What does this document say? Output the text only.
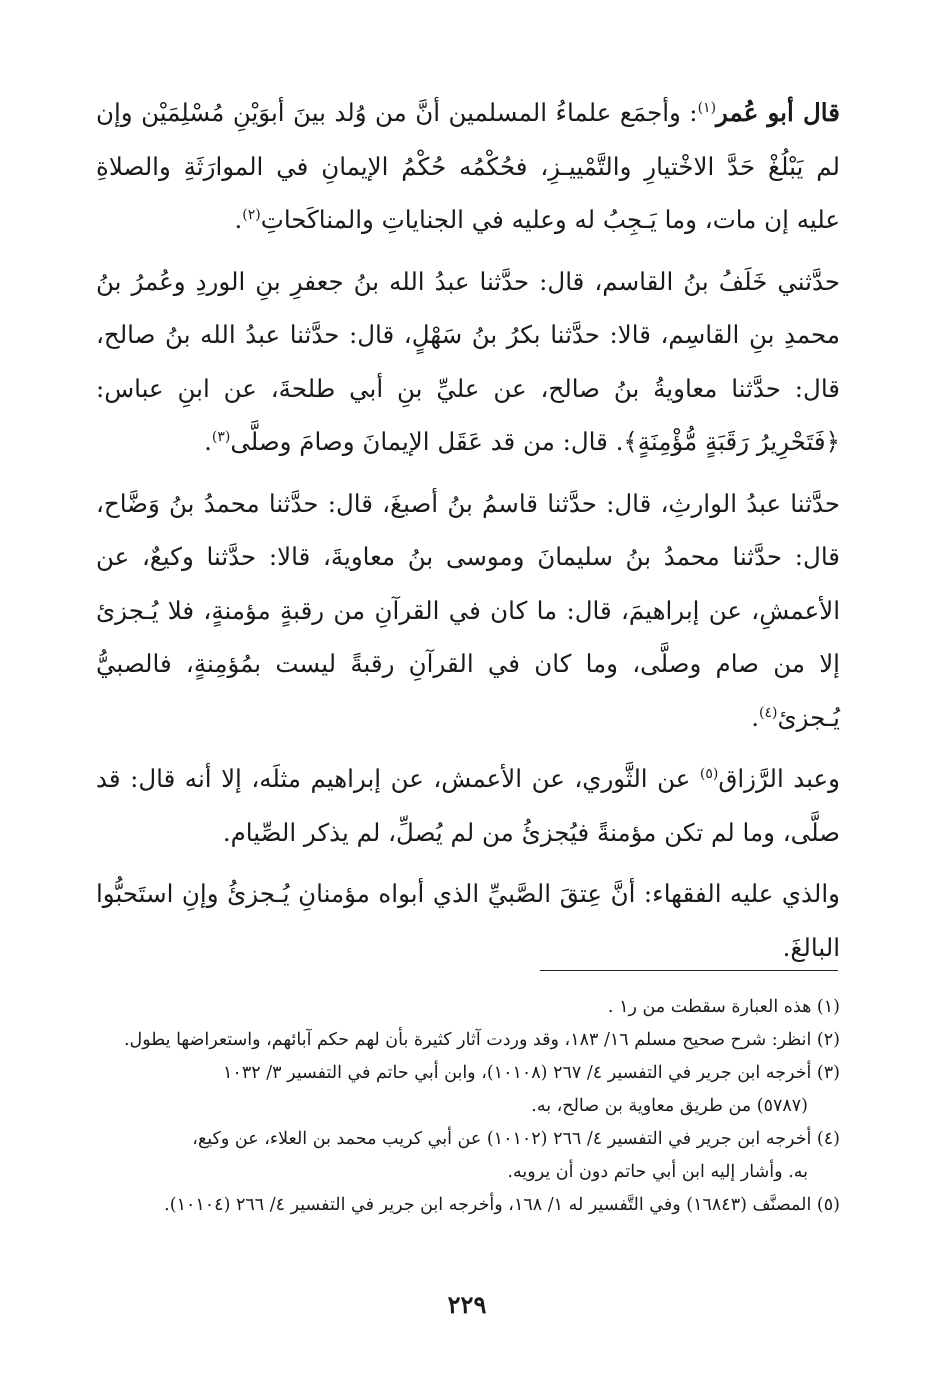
قال أبو عُمر$^{(١)}$: وأجمَع علماءُ المسلمين أنَّ من وُلد بينَ أبوَيْنِ مُسْلِمَيْن وإن لم يَبْلُغْ حَدَّ الاخْتيارِ والتَّمْييـزِ، فحُكْمُه حُكْمُ الإيمانِ في الموارَثَةِ والصلاةِ عليه إن مات، وما يَـجِبُ له وعليه في الجناياتِ والمناكَحاتِ$^{(٢)}$.

حدَّثني خَلَفُ بنُ القاسم، قال: حدَّثنا عبدُ الله بنُ جعفرِ بنِ الوردِ وعُمرُ بنُ محمدِ بنِ القاسِم، قالا: حدَّثنا بكرُ بنُ سَهْلٍ، قال: حدَّثنا عبدُ الله بنُ صالح، قال: حدَّثنا معاويةُ بنُ صالح، عن عليِّ بنِ أبي طلحةَ، عن ابنِ عباس: ﴿فَتَحْرِيرُ رَقَبَةٍ مُّؤْمِنَةٍ﴾. قال: من قد عَقَل الإيمانَ وصامَ وصلَّى$^{(٣)}$.

حدَّثنا عبدُ الوارثِ، قال: حدَّثنا قاسمُ بنُ أصبغَ، قال: حدَّثنا محمدُ بنُ وَضَّاح، قال: حدَّثنا محمدُ بنُ سليمانَ وموسى بنُ معاويةَ، قالا: حدَّثنا وكيعٌ، عن الأعمشِ، عن إبراهيمَ، قال: ما كان في القرآنِ من رقبةٍ مؤمنةٍ، فلا يُـجزئ إلا من صام وصلَّى، وما كان في القرآنِ رقبةً ليست بمُؤمِنةٍ، فالصبيُّ يُـجزئ$^{(٤)}$.

وعبد الرَّزاق$^{(٥)}$ عن الثَّوري، عن الأعمش، عن إبراهيم مثلَه، إلا أنه قال: قد صلَّى، وما لم تكن مؤمنةً فيُجزئُ من لم يُصلِّ، لم يذكر الصِّيام.

والذي عليه الفقهاء: أنَّ عِتقَ الصَّبيِّ الذي أبواه مؤمنانِ يُـجزئُ وإنِ استَحبُّوا البالغَ.

(١) هذه العبارة سقطت من ر١ .
(٢) انظر: شرح صحيح مسلم ١٦/ ١٨٣، وقد وردت آثار كثيرة بأن لهم حكم آبائهم، واستعراضها يطول.
(٣) أخرجه ابن جرير في التفسير ٤/ ٢٦٧ (١٠١٠٨)، وابن أبي حاتم في التفسير ٣/ ١٠٣٢
(٥٧٨٧) من طريق معاوية بن صالح، به.
(٤) أخرجه ابن جرير في التفسير ٤/ ٢٦٦ (١٠١٠٢) عن أبي كريب محمد بن العلاء، عن وكيع،
به. وأشار إليه ابن أبي حاتم دون أن يرويه.
(٥) المصنَّف (١٦٨٤٣) وفي التَّفسير له ١/ ١٦٨، وأخرجه ابن جرير في التفسير ٤/ ٢٦٦ (١٠١٠٤).
٢٢٩
